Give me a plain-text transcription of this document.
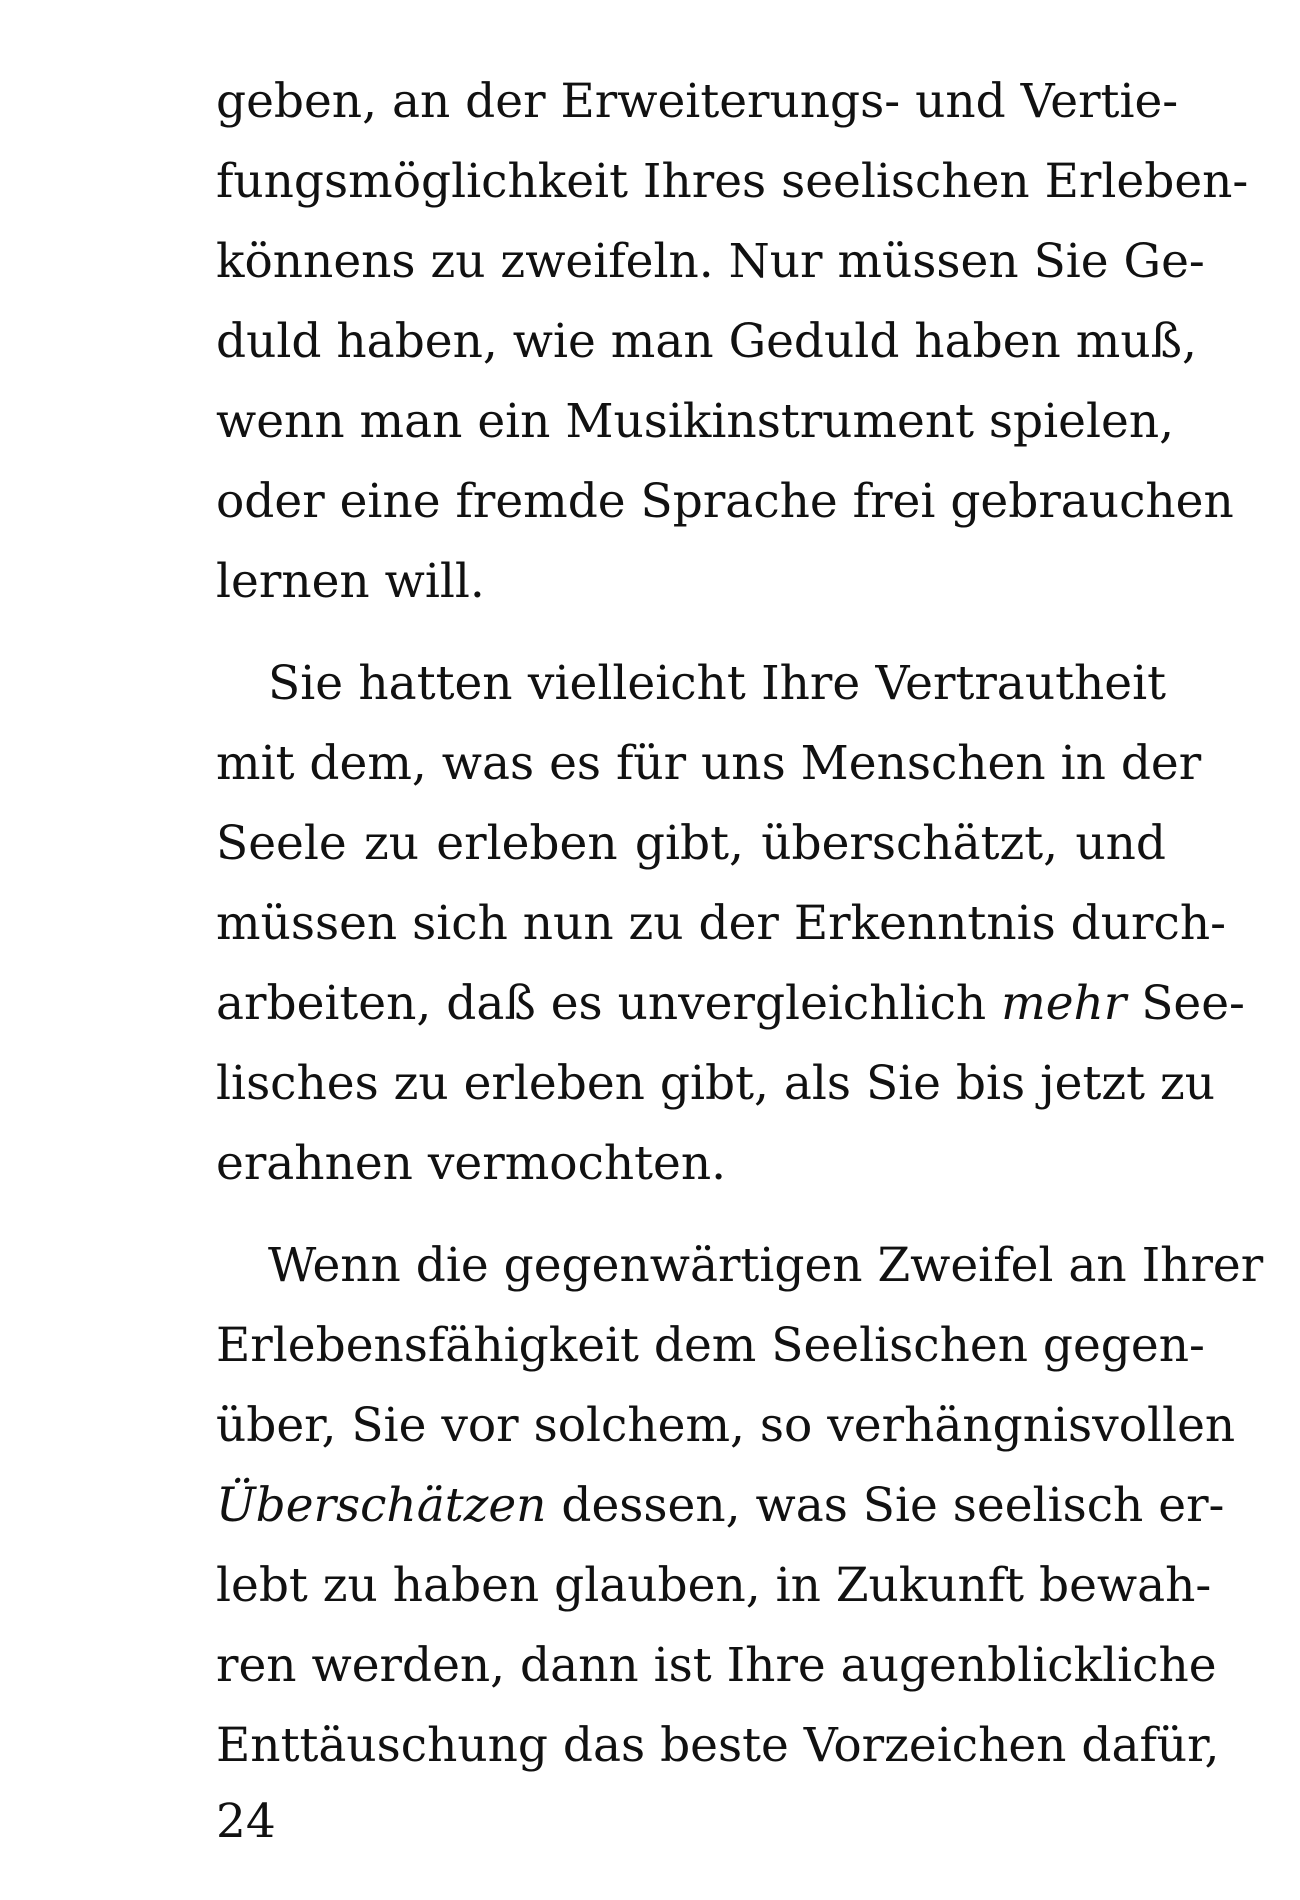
geben, an der Erweiterungs- und Vertie-
fungsmöglichkeit Ihres seelischen Erleben-
könnens zu zweifeln. Nur müssen Sie Ge-
duld haben, wie man Geduld haben muß,
wenn man ein Musikinstrument spielen,
oder eine fremde Sprache frei gebrauchen
lernen will.
Sie hatten vielleicht Ihre Vertrautheit
mit dem, was es für uns Menschen in der
Seele zu erleben gibt, überschätzt, und
müssen sich nun zu der Erkenntnis durch-
arbeiten, daß es unvergleichlich mehr See-
lisches zu erleben gibt, als Sie bis jetzt zu
erahnen vermochten.
Wenn die gegenwärtigen Zweifel an Ihrer
Erlebensfähigkeit dem Seelischen gegen-
über, Sie vor solchem, so verhängnisvollen
Überschätzen dessen, was Sie seelisch er-
lebt zu haben glauben, in Zukunft bewah-
ren werden, dann ist Ihre augenblickliche
Enttäuschung das beste Vorzeichen dafür,
24
